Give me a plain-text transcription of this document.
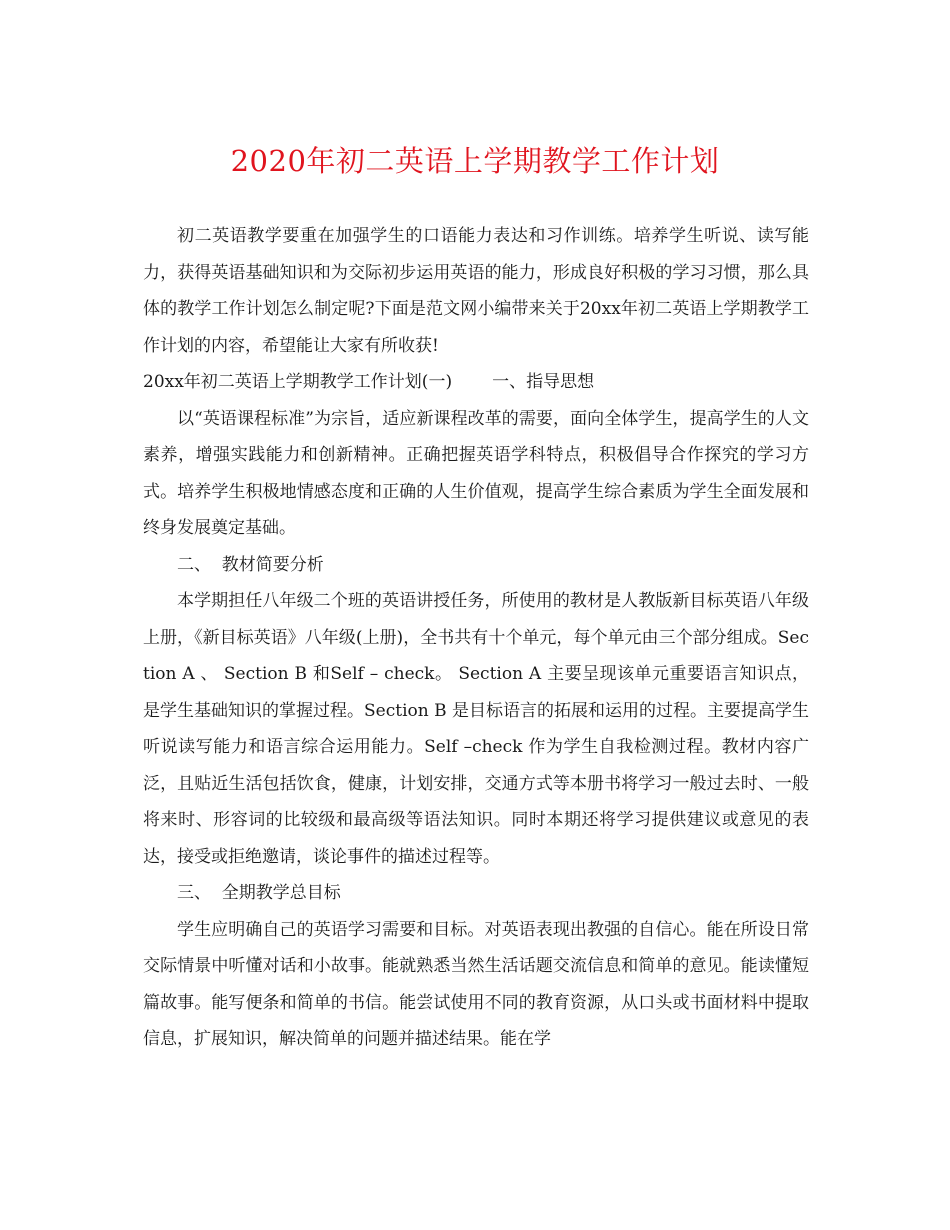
2020年初二英语上学期教学工作计划

初二英语教学要重在加强学生的口语能力表达和习作训练。培养学生听说、读写能力，获得英语基础知识和为交际初步运用英语的能力，形成良好积极的学习习惯，那么具体的教学工作计划怎么制定呢?下面是范文网小编带来关于20xx年初二英语上学期教学工作计划的内容，希望能让大家有所收获!

20xx年初二英语上学期教学工作计划(一) 一、指导思想

以“英语课程标准”为宗旨，适应新课程改革的需要，面向全体学生，提高学生的人文素养，增强实践能力和创新精神。正确把握英语学科特点，积极倡导合作探究的学习方式。培养学生积极地情感态度和正确的人生价值观，提高学生综合素质为学生全面发展和终身发展奠定基础。

二、  教材简要分析

本学期担任八年级二个班的英语讲授任务，所使用的教材是人教版新目标英语八年级上册，《新目标英语》八年级(上册)，全书共有十个单元，每个单元由三个部分组成。Section A 、 Section B 和Self – check。 Section A 主要呈现该单元重要语言知识点，是学生基础知识的掌握过程。Section B 是目标语言的拓展和运用的过程。主要提高学生听说读写能力和语言综合运用能力。Self –check 作为学生自我检测过程。教材内容广泛，且贴近生活包括饮食，健康，计划安排，交通方式等本册书将学习一般过去时、一般将来时、形容词的比较级和最高级等语法知识。同时本期还将学习提供建议或意见的表达，接受或拒绝邀请，谈论事件的描述过程等。

三、  全期教学总目标

学生应明确自己的英语学习需要和目标。对英语表现出教强的自信心。能在所设日常交际情景中听懂对话和小故事。能就熟悉当然生活话题交流信息和简单的意见。能读懂短篇故事。能写便条和简单的书信。能尝试使用不同的教育资源，从口头或书面材料中提取信息，扩展知识，解决简单的问题并描述结果。能在学
